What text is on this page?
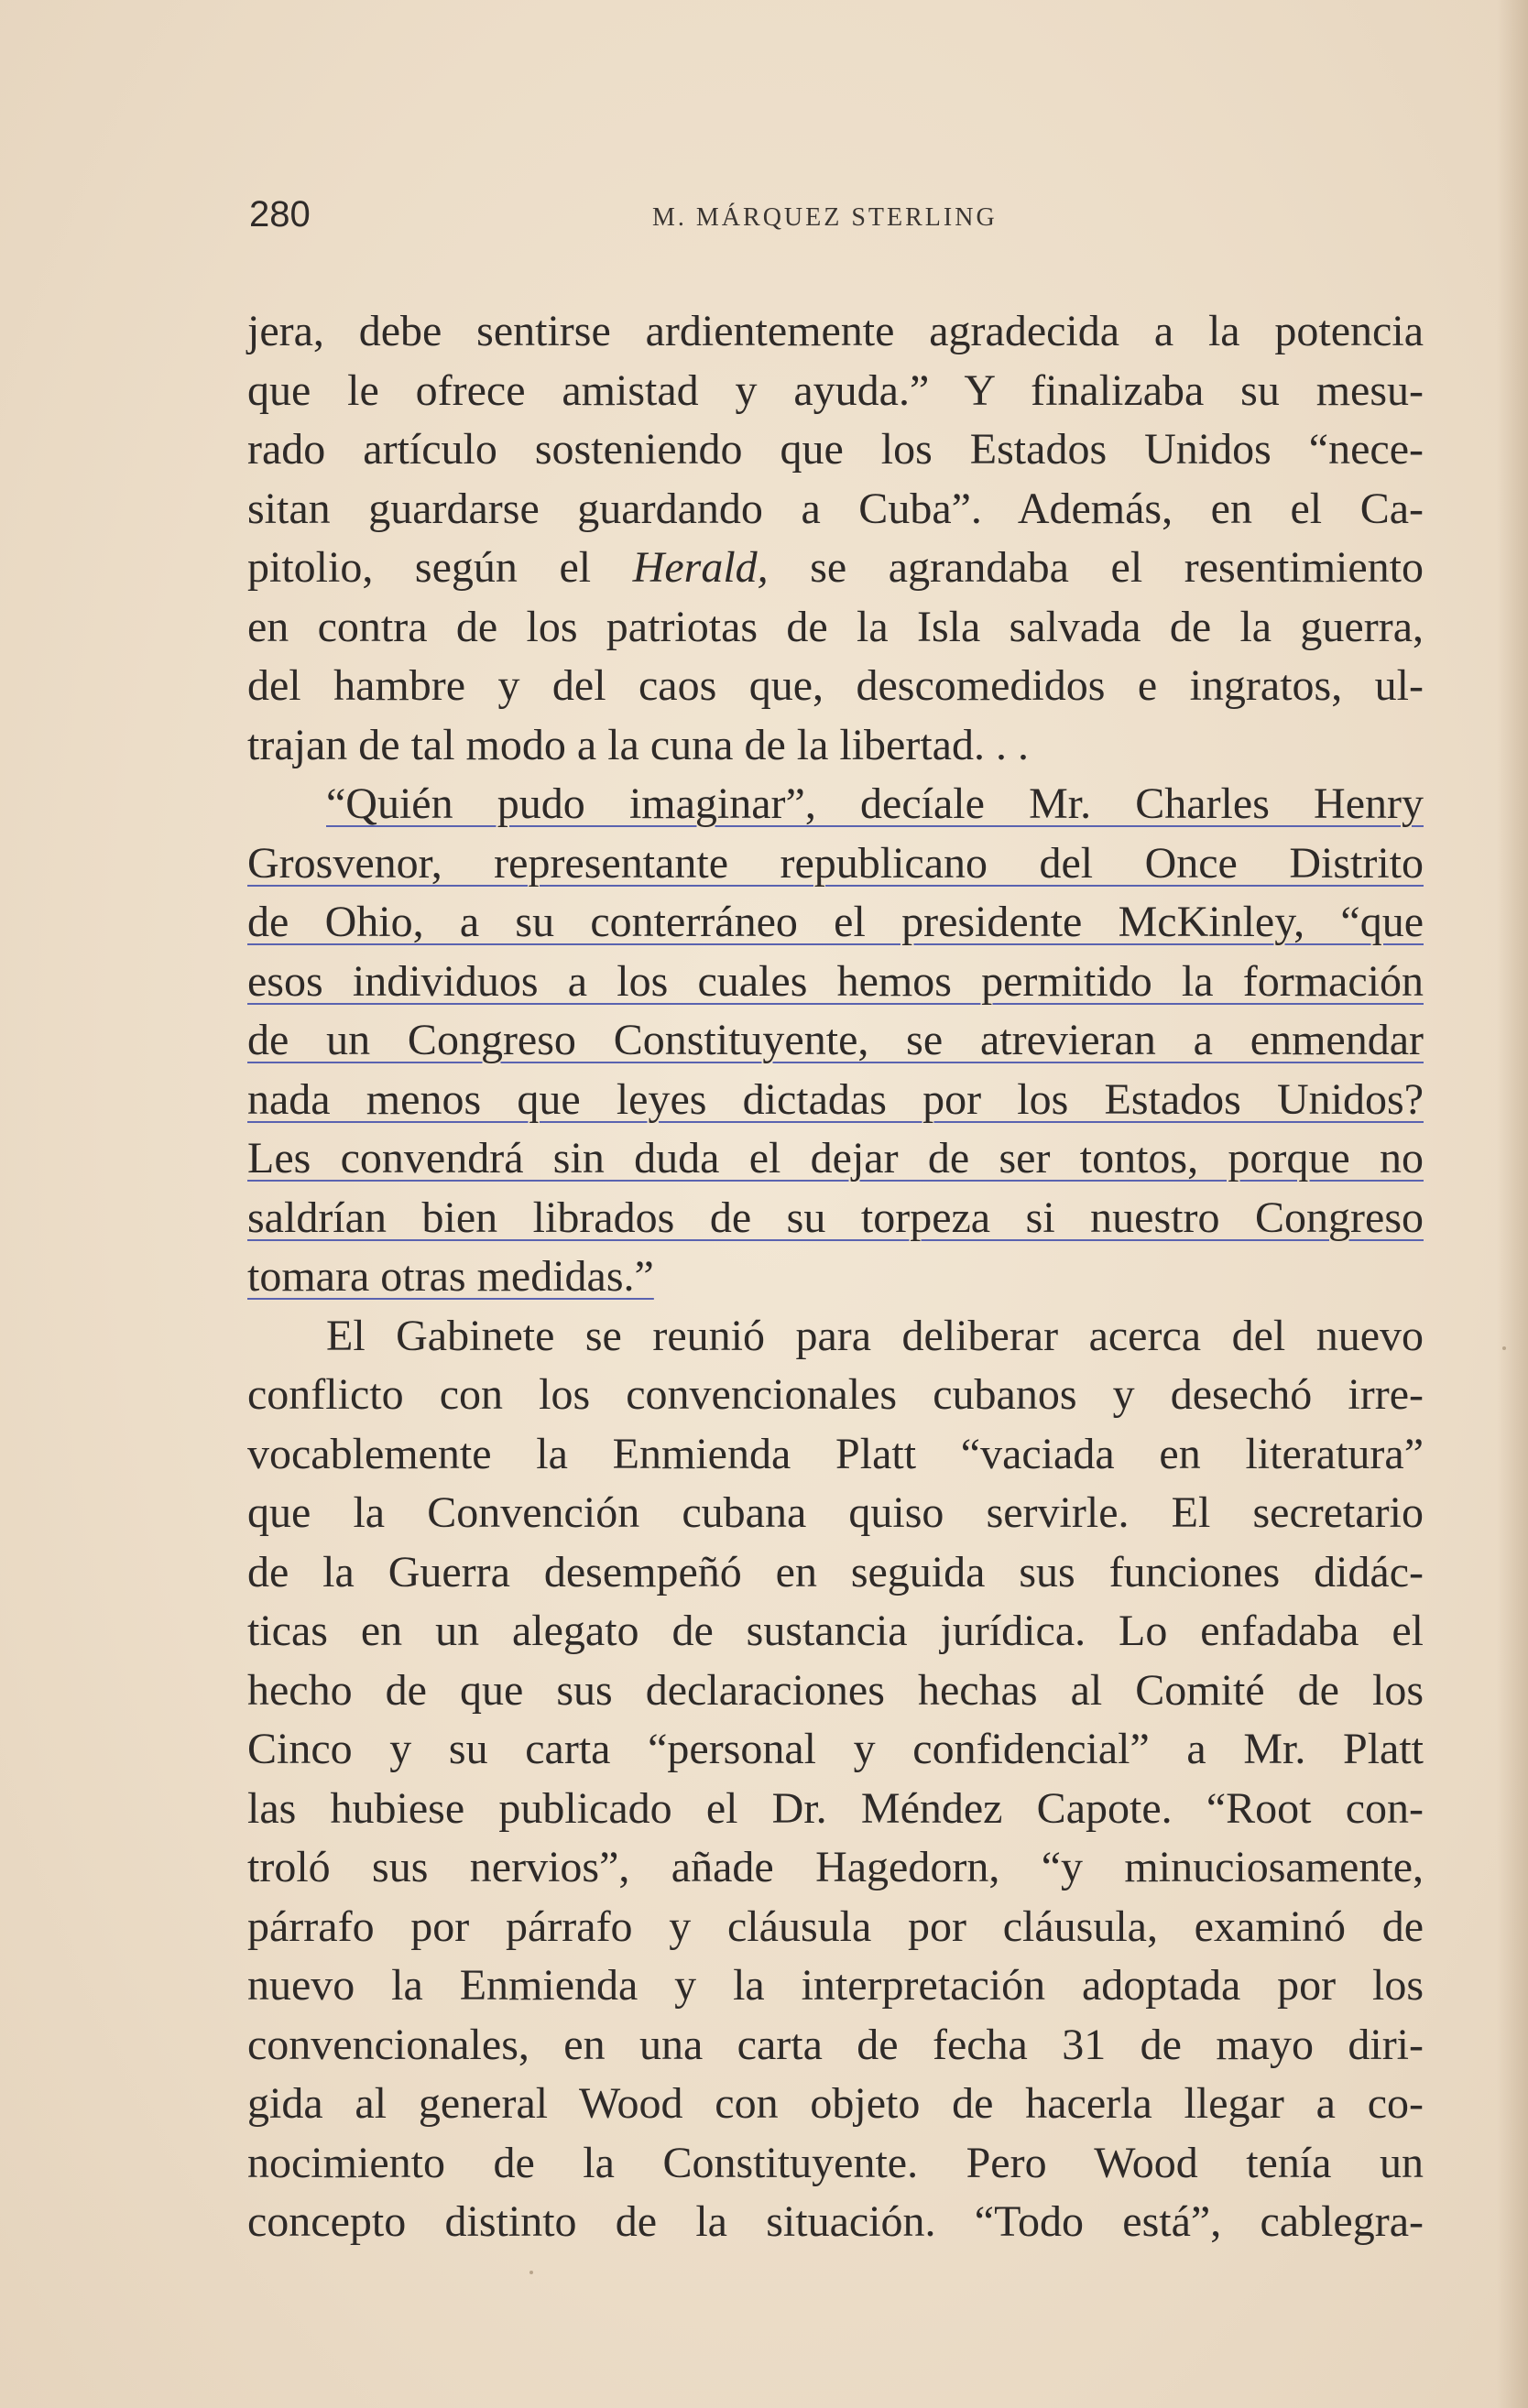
280	M. MÁRQUEZ STERLING
jera, debe sentirse ardientemente agradecida a la potencia
que le ofrece amistad y ayuda.” Y finalizaba su mesu-
rado artículo sosteniendo que los Estados Unidos “nece-
sitan guardarse guardando a Cuba”. Además, en el Ca-
pitolio, según el Herald, se agrandaba el resentimiento
en contra de los patriotas de la Isla salvada de la guerra,
del hambre y del caos que, descomedidos e ingratos, ul-
trajan de tal modo a la cuna de la libertad. . .
“Quién pudo imaginar”, decíale Mr. Charles Henry
Grosvenor, representante republicano del Once Distrito
de Ohio, a su conterráneo el presidente McKinley, “que
esos individuos a los cuales hemos permitido la formación
de un Congreso Constituyente, se atrevieran a enmendar
nada menos que leyes dictadas por los Estados Unidos?
Les convendrá sin duda el dejar de ser tontos, porque no
saldrían bien librados de su torpeza si nuestro Congreso
tomara otras medidas.”
El Gabinete se reunió para deliberar acerca del nuevo
conflicto con los convencionales cubanos y desechó irre-
vocablemente la Enmienda Platt “vaciada en literatura”
que la Convención cubana quiso servirle. El secretario
de la Guerra desempeñó en seguida sus funciones didác-
ticas en un alegato de sustancia jurídica. Lo enfadaba el
hecho de que sus declaraciones hechas al Comité de los
Cinco y su carta “personal y confidencial” a Mr. Platt
las hubiese publicado el Dr. Méndez Capote. “Root con-
troló sus nervios”, añade Hagedorn, “y minuciosamente,
párrafo por párrafo y cláusula por cláusula, examinó de
nuevo la Enmienda y la interpretación adoptada por los
convencionales, en una carta de fecha 31 de mayo diri-
gida al general Wood con objeto de hacerla llegar a co-
nocimiento de la Constituyente. Pero Wood tenía un
concepto distinto de la situación. “Todo está”, cablegra-
